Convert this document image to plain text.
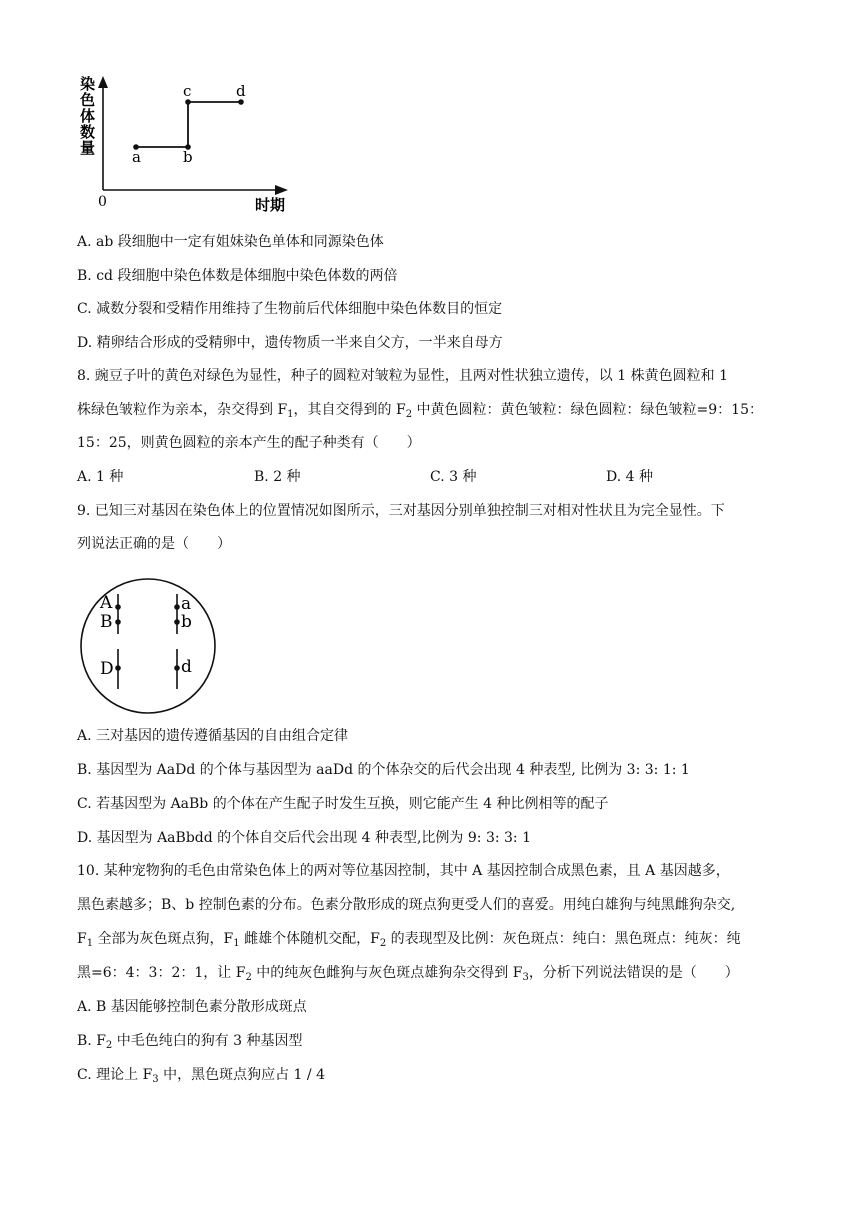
染
色
体
数
量 a	b
c	d
0	时期
A. ab 段细胞中一定有姐妹染色单体和同源染色体
B. cd 段细胞中染色体数是体细胞中染色体数的两倍
C. 减数分裂和受精作用维持了生物前后代体细胞中染色体数目的恒定
D. 精卵结合形成的受精卵中，遗传物质一半来自父方，一半来自母方
8. 豌豆子叶的黄色对绿色为显性，种子的圆粒对皱粒为显性，且两对性状独立遗传，以 1 株黄色圆粒和 1
株绿色皱粒作为亲本，杂交得到 $F_1$，其自交得到的 $F_2$ 中黄色圆粒：黄色皱粒：绿色圆粒：绿色皱粒=9：15：
15：25，则黄色圆粒的亲本产生的配子种类有（　　）
A. 1 种	B. 2 种	C. 3 种	D. 4 种
9. 已知三对基因在染色体上的位置情况如图所示，三对基因分别单独控制三对相对性状且为完全显性。下
列说法正确的是（　　）
A
B
D
a
b
d
A. 三对基因的遗传遵循基因的自由组合定律
B. 基因型为 AaDd 的个体与基因型为 aaDd 的个体杂交的后代会出现 4 种表型, 比例为 3: 3: 1: 1
C. 若基因型为 AaBb 的个体在产生配子时发生互换，则它能产生 4 种比例相等的配子
D. 基因型为 AaBbdd 的个体自交后代会出现 4 种表型,比例为 9: 3: 3: 1
10. 某种宠物狗的毛色由常染色体上的两对等位基因控制，其中 A 基因控制合成黑色素，且 A 基因越多，
黑色素越多；B、b 控制色素的分布。色素分散形成的斑点狗更受人们的喜爱。用纯白雄狗与纯黑雌狗杂交,
$F_1$ 全部为灰色斑点狗，$F_1$ 雌雄个体随机交配，$F_2$ 的表现型及比例：灰色斑点：纯白：黑色斑点：纯灰：纯
黑=6：4：3：2：1，让 $F_2$ 中的纯灰色雌狗与灰色斑点雄狗杂交得到 $F_3$，分析下列说法错误的是（　　）
A. B 基因能够控制色素分散形成斑点
B. $F_2$ 中毛色纯白的狗有 3 种基因型
C. 理论上 $F_3$ 中，黑色斑点狗应占 1 / 4
